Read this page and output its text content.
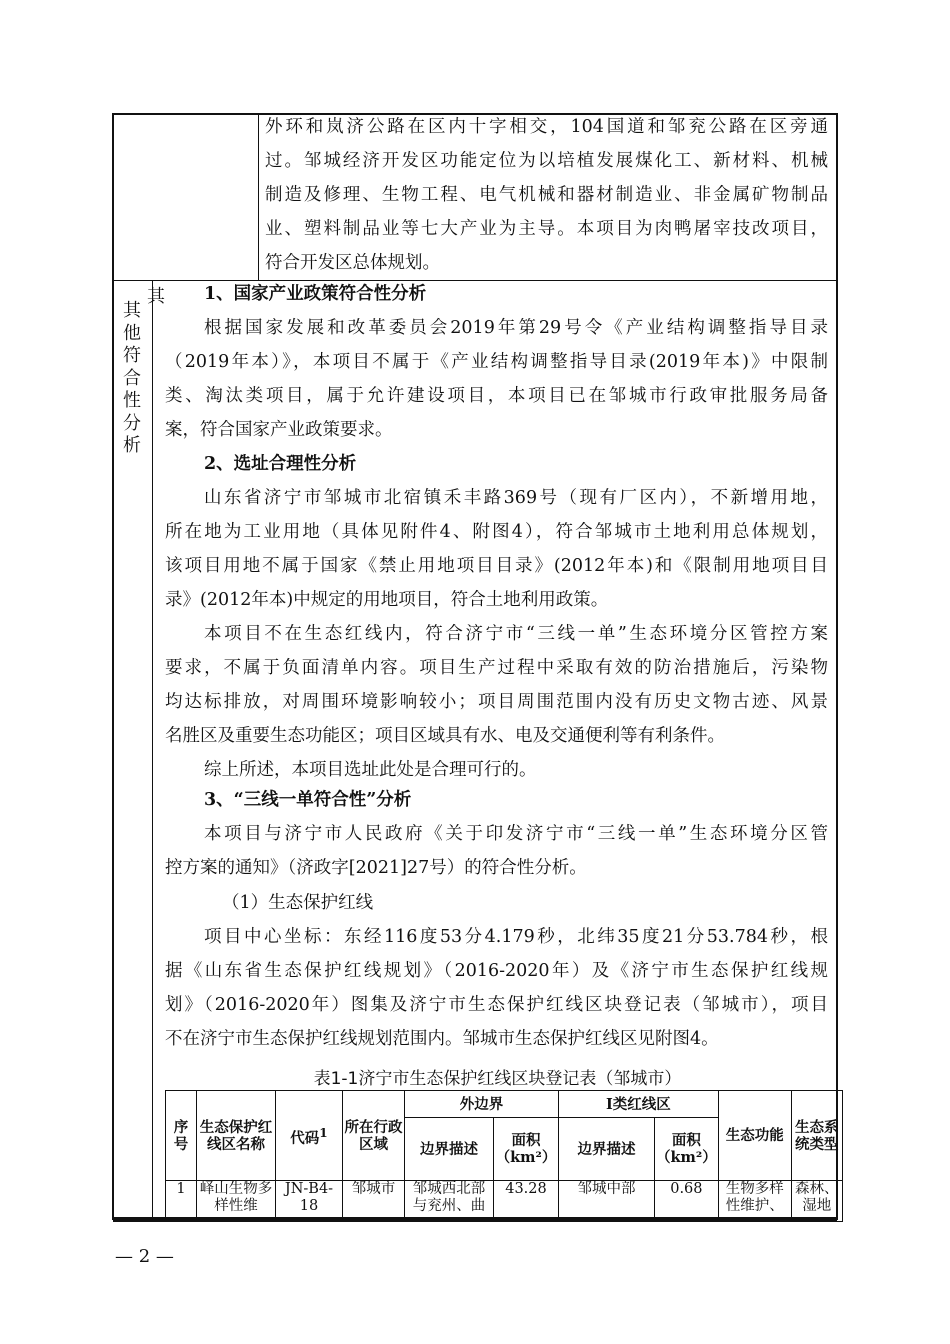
外环和岚济公路在区内十字相交，104国道和邹兖公路在区旁通
过。邹城经济开发区功能定位为以培植发展煤化工、新材料、机械
制造及修理、生物工程、电气机械和器材制造业、非金属矿物制品
业、塑料制品业等七大产业为主导。本项目为肉鸭屠宰技改项目，
符合开发区总体规划。
其
其他符合性分析
1、国家产业政策符合性分析
根据国家发展和改革委员会2019年第29号令《产业结构调整指导目录
（2019年本）》，本项目不属于《产业结构调整指导目录(2019年本)》中限制
类、淘汰类项目，属于允许建设项目，本项目已在邹城市行政审批服务局备
案，符合国家产业政策要求。
2、选址合理性分析
山东省济宁市邹城市北宿镇禾丰路369号（现有厂区内），不新增用地，
所在地为工业用地（具体见附件4、附图4），符合邹城市土地利用总体规划，
该项目用地不属于国家《禁止用地项目目录》(2012年本)和《限制用地项目目
录》(2012年本)中规定的用地项目，符合土地利用政策。
本项目不在生态红线内，符合济宁市“三线一单”生态环境分区管控方案
要求，不属于负面清单内容。项目生产过程中采取有效的防治措施后，污染物
均达标排放，对周围环境影响较小；项目周围范围内没有历史文物古迹、风景
名胜区及重要生态功能区；项目区域具有水、电及交通便利等有利条件。
综上所述，本项目选址此处是合理可行的。
3、“三线一单符合性”分析
本项目与济宁市人民政府《关于印发济宁市“三线一单”生态环境分区管
控方案的通知》（济政字[2021]27号）的符合性分析。
（1）生态保护红线
项目中心坐标：东经116度53分4.179秒，北纬35度21分53.784秒，根
据《山东省生态保护红线规划》（2016-2020年）及《济宁市生态保护红线规
划》（2016-2020年）图集及济宁市生态保护红线区块登记表（邹城市），项目
不在济宁市生态保护红线规划范围内。邹城市生态保护红线区见附图4。
表1-1济宁市生态保护红线区块登记表（邹城市）
序号	生态保护红线区名称	代码$^1$	所在行政区域	外边界		I类红线区		生态功能	生态系统类型
				边界描述	面积（km²）	边界描述	面积（km²）		
1	峄山生物多样性维	JN-B4-18	邹城市	邹城西北部与兖州、曲	43.28	邹城中部	0.68	生物多样性维护、	森林、湿地
— 2 —
